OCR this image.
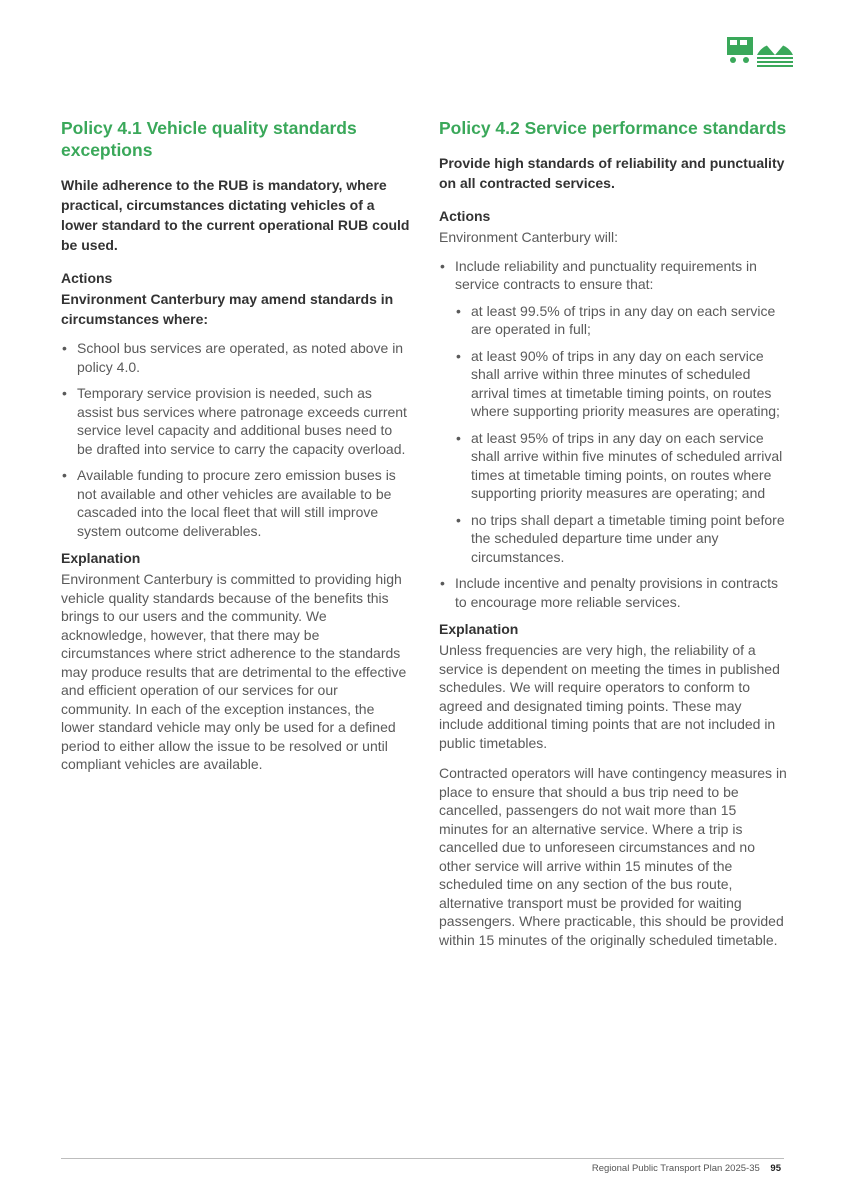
Policy 4.1 Vehicle quality standards exceptions

While adherence to the RUB is mandatory, where practical, circumstances dictating vehicles of a lower standard to the current operational RUB could be used.

Actions

Environment Canterbury may amend standards in circumstances where:

• School bus services are operated, as noted above in policy 4.0.
• Temporary service provision is needed, such as assist bus services where patronage exceeds current service level capacity and additional buses need to be drafted into service to carry the capacity overload.
• Available funding to procure zero emission buses is not available and other vehicles are available to be cascaded into the local fleet that will still improve system outcome deliverables.

Explanation

Environment Canterbury is committed to providing high vehicle quality standards because of the benefits this brings to our users and the community. We acknowledge, however, that there may be circumstances where strict adherence to the standards may produce results that are detrimental to the effective and efficient operation of our services for our community. In each of the exception instances, the lower standard vehicle may only be used for a defined period to either allow the issue to be resolved or until compliant vehicles are available.

Policy 4.2 Service performance standards

Provide high standards of reliability and punctuality on all contracted services.

Actions

Environment Canterbury will:

• Include reliability and punctuality requirements in service contracts to ensure that:
• at least 99.5% of trips in any day on each service are operated in full;
• at least 90% of trips in any day on each service shall arrive within three minutes of scheduled arrival times at timetable timing points, on routes where supporting priority measures are operating;
• at least 95% of trips in any day on each service shall arrive within five minutes of scheduled arrival times at timetable timing points, on routes where supporting priority measures are operating; and
• no trips shall depart a timetable timing point before the scheduled departure time under any circumstances.
• Include incentive and penalty provisions in contracts to encourage more reliable services.

Explanation

Unless frequencies are very high, the reliability of a service is dependent on meeting the times in published schedules. We will require operators to conform to agreed and designated timing points. These may include additional timing points that are not included in public timetables.

Contracted operators will have contingency measures in place to ensure that should a bus trip need to be cancelled, passengers do not wait more than 15 minutes for an alternative service. Where a trip is cancelled due to unforeseen circumstances and no other service will arrive within 15 minutes of the scheduled time on any section of the bus route, alternative transport must be provided for waiting passengers. Where practicable, this should be provided within 15 minutes of the originally scheduled timetable.

Regional Public Transport Plan 2025-35 95
